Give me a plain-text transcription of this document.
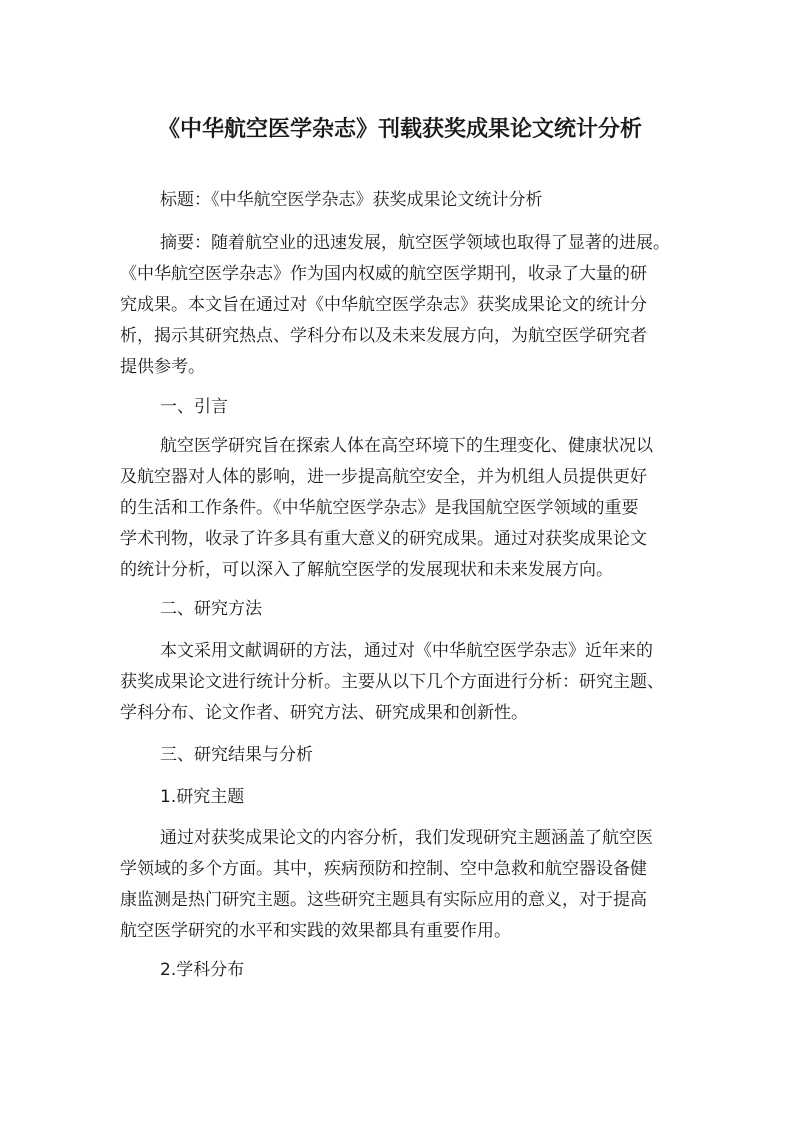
《中华航空医学杂志》刊载获奖成果论文统计分析
标题：《中华航空医学杂志》获奖成果论文统计分析
摘要：随着航空业的迅速发展，航空医学领域也取得了显著的进展。
《中华航空医学杂志》作为国内权威的航空医学期刊，收录了大量的研
究成果。本文旨在通过对《中华航空医学杂志》获奖成果论文的统计分
析，揭示其研究热点、学科分布以及未来发展方向，为航空医学研究者
提供参考。
一、引言
航空医学研究旨在探索人体在高空环境下的生理变化、健康状况以
及航空器对人体的影响，进一步提高航空安全，并为机组人员提供更好
的生活和工作条件。《中华航空医学杂志》是我国航空医学领域的重要
学术刊物，收录了许多具有重大意义的研究成果。通过对获奖成果论文
的统计分析，可以深入了解航空医学的发展现状和未来发展方向。
二、研究方法
本文采用文献调研的方法，通过对《中华航空医学杂志》近年来的
获奖成果论文进行统计分析。主要从以下几个方面进行分析：研究主题、
学科分布、论文作者、研究方法、研究成果和创新性。
三、研究结果与分析
1.研究主题
通过对获奖成果论文的内容分析，我们发现研究主题涵盖了航空医
学领域的多个方面。其中，疾病预防和控制、空中急救和航空器设备健
康监测是热门研究主题。这些研究主题具有实际应用的意义，对于提高
航空医学研究的水平和实践的效果都具有重要作用。
2.学科分布
